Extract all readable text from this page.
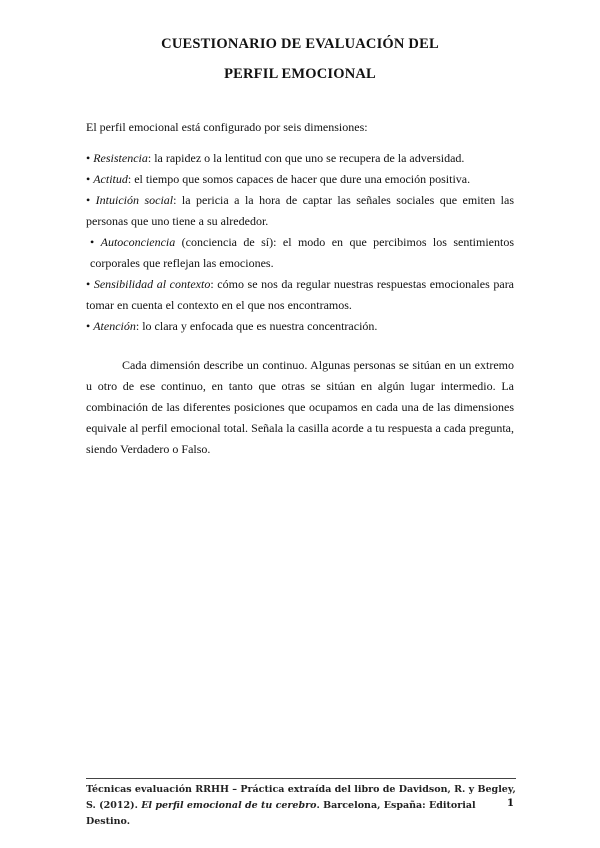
CUESTIONARIO DE EVALUACIÓN DEL
PERFIL EMOCIONAL
El perfil emocional está configurado por seis dimensiones:
• Resistencia: la rapidez o la lentitud con que uno se recupera de la adversidad.
• Actitud: el tiempo que somos capaces de hacer que dure una emoción positiva.
• Intuición social: la pericia a la hora de captar las señales sociales que emiten las personas que uno tiene a su alrededor.
• Autoconciencia (conciencia de sí): el modo en que percibimos los sentimientos corporales que reflejan las emociones.
• Sensibilidad al contexto: cómo se nos da regular nuestras respuestas emocionales para tomar en cuenta el contexto en el que nos encontramos.
• Atención: lo clara y enfocada que es nuestra concentración.
Cada dimensión describe un continuo. Algunas personas se sitúan en un extremo u otro de ese continuo, en tanto que otras se sitúan en algún lugar intermedio. La combinación de las diferentes posiciones que ocupamos en cada una de las dimensiones equivale al perfil emocional total. Señala la casilla acorde a tu respuesta a cada pregunta, siendo Verdadero o Falso.
Técnicas evaluación RRHH – Práctica extraída del libro de Davidson, R. y Begley, S. (2012). El perfil emocional de tu cerebro. Barcelona, España: Editorial Destino.
1
